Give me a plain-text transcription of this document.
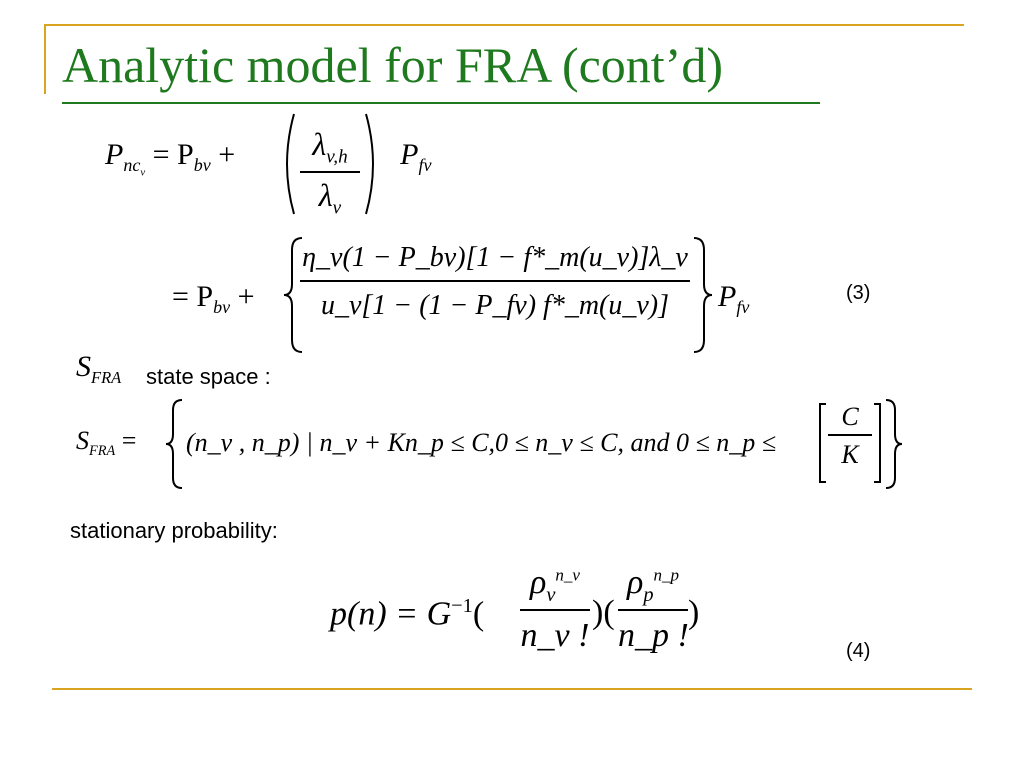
Analytic model for FRA (cont’d)
$P_{nc_v} = P_{bv}$ +	$P_{fv}$
$\lambda_{v,h}$
$\lambda_v$
= $P_{bv} + \frac{\eta\_v(1 - P\_bv)[1 - f*\_m(u\_v)]\lambda\_v}{u\_v[1 - (1 - P\_fv) f*\_m(u\_v)]} P_{fv}$
(3)
$S_{FRA}$ state space :
$S_{FRA}$ = (n_v , n_p) | n_v + Kn_p ≤ C,0 ≤ n_v ≤ C, and 0 ≤ n_p ≤
C
K
stationary probability:
$p(n) = G^{-1}$(
$\rho_v^{n\_v}$
n_v !
)(
$\rho_p^{n\_p}$
n_p !
)
(4)
